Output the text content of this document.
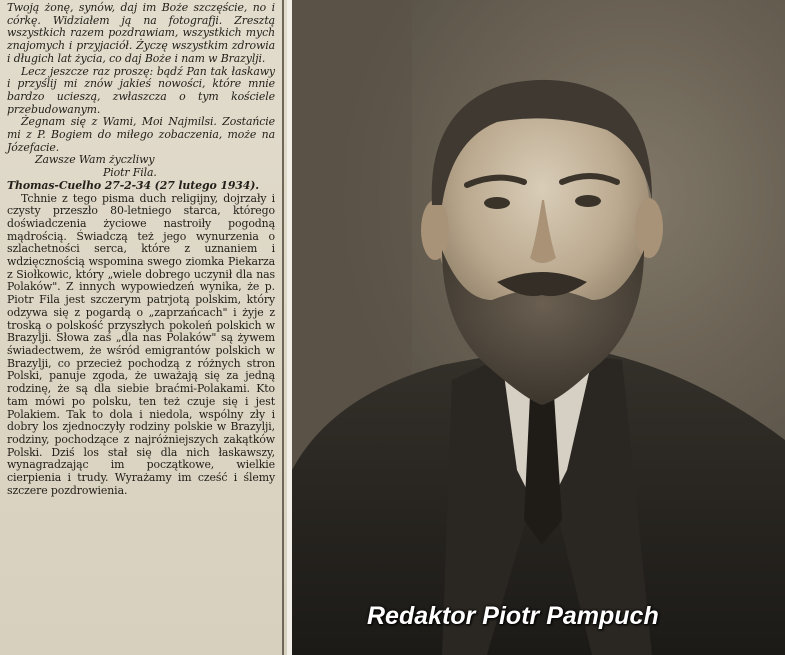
Twoją żonę, synów, daj im Boże szczęście, no i córkę. Widziałem ją na fotografji. Zresztą wszystkich razem pozdrawiam, wszystkich mych znajomych i przyjaciół. Życzę wszystkim zdrowia i długich lat życia, co daj Boże i nam w Brazylji.

Lecz jeszcze raz proszę: bądź Pan tak łaskawy i przyślij mi znów jakieś nowości, które mnie bardzo ucieszą, zwłaszcza o tym kościele przebudowanym.

Żegnam się z Wami, Moi Najmilsi. Zostańcie mi z P. Bogiem do miłego zobaczenia, może na Józefacie.

Zawsze Wam życzliwy

Piotr Fila.

Thomas-Cuelho 27-2-34 (27 lutego 1934).

Tchnie z tego pisma duch religijny, dojrzały i czysty przeszło 80-letniego starca, którego doświadczenia życiowe nastroiły pogodną mądrością. Świadczą też jego wynurzenia o szlachetności serca, które z uznaniem i wdzięcznością wspomina swego ziomka Piekarza z Siołkowic, który „wiele dobrego uczynił dla nas Polaków". Z innych wypowiedzeń wynika, że p. Piotr Fila jest szczerym patrjotą polskim, który odzywa się z pogardą o „zaprzańcach" i żyje z troską o polskość przyszłych pokoleń polskich w Brazylji. Słowa zaś „dla nas Polaków" są żywem świadectwem, że wśród emigrantów polskich w Brazylji, co przecież pochodzą z różnych stron Polski, panuje zgoda, że uważają się za jedną rodzinę, że są dla siebie braćmi-Polakami. Kto tam mówi po polsku, ten też czuje się i jest Polakiem. Tak to dola i niedola, wspólny zły i dobry los zjednoczyły rodziny polskie w Brazylji, rodziny, pochodzące z najróżniejszych zakątków Polski. Dziś los stał się dla nich łaskawszy, wynagradzając im początkowe, wielkie cierpienia i trudy. Wyrażamy im cześć i ślemy szczere pozdrowienia.

Redaktor Piotr Pampuch
